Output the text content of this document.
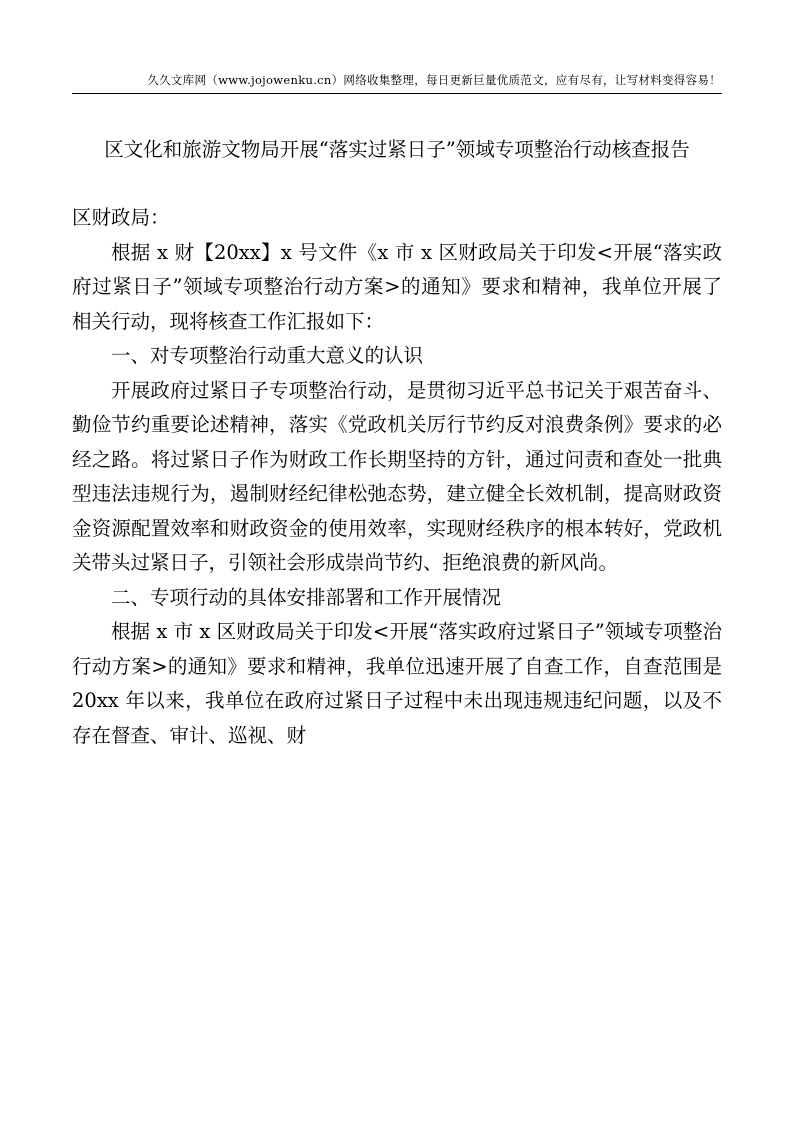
久久文库网（www.jojowenku.cn）网络收集整理，每日更新巨量优质范文，应有尽有，让写材料变得容易！
区文化和旅游文物局开展“落实过紧日子”领域专项整治行动核查报告

区财政局：

根据 x 财【20xx】x 号文件《x 市 x 区财政局关于印发<开展“落实政府过紧日子”领域专项整治行动方案>的通知》要求和精神，我单位开展了相关行动，现将核查工作汇报如下：

一、对专项整治行动重大意义的认识

开展政府过紧日子专项整治行动，是贯彻习近平总书记关于艰苦奋斗、勤俭节约重要论述精神，落实《党政机关厉行节约反对浪费条例》要求的必经之路。将过紧日子作为财政工作长期坚持的方针，通过问责和查处一批典型违法违规行为，遏制财经纪律松弛态势，建立健全长效机制，提高财政资金资源配置效率和财政资金的使用效率，实现财经秩序的根本转好，党政机关带头过紧日子，引领社会形成崇尚节约、拒绝浪费的新风尚。

二、专项行动的具体安排部署和工作开展情况

根据 x 市 x 区财政局关于印发<开展“落实政府过紧日子”领域专项整治行动方案>的通知》要求和精神，我单位迅速开展了自查工作，自查范围是 20xx 年以来，我单位在政府过紧日子过程中未出现违规违纪问题，以及不存在督查、审计、巡视、财
